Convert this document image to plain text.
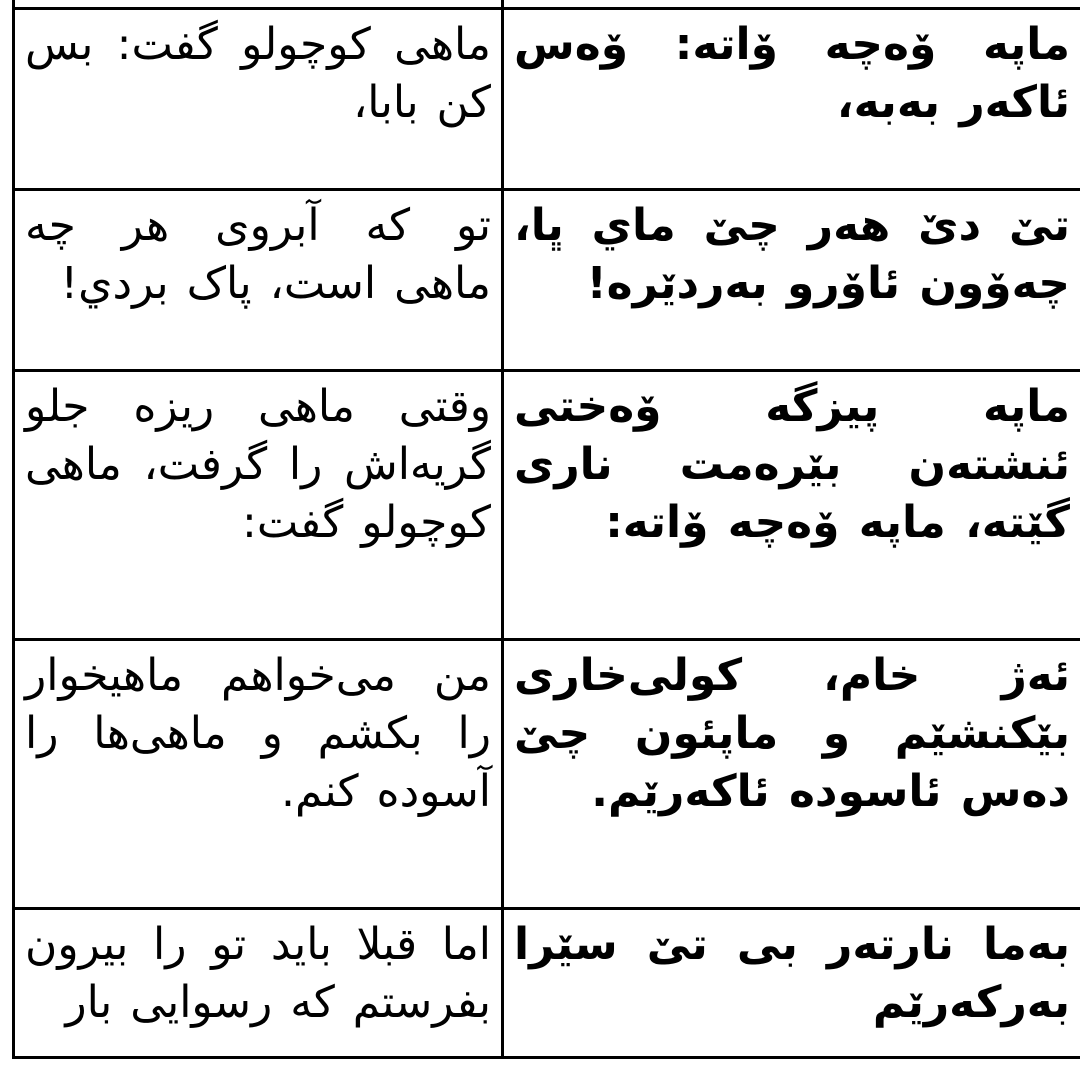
ماهی کوچولو گفت: بس کن بابا،	ماپه ۆەچه ۆاته: ۆەس ئاکەر بەبه،
تو که آبروی هر چه ماهی است، پاک بردي!	تێ دێ هەر چێ ماي ڀا، چەۆون ئاۆرو بەردێره!
وقتی ماهی ریزه جلو گریه‌اش را گرفت، ماهی کوچولو گفت:	ماپه پیزگه ۆەختی ئنشتەن بێرەمت ناری گێته، ماپه ۆەچه ۆاته:
من می‌خواهم ماهیخوار را بکشم و ماهی‌ها را آسوده کنم.	ئەژ خام، کولی‌خاری بێکنشێم و ماپئون چێ دەس ئاسوده ئاکەرێم.
اما قبلا باید تو را بیرون بفرستم که رسوایی بار	بەما نارتەر بی تێ سێرا بەرکەرێم
